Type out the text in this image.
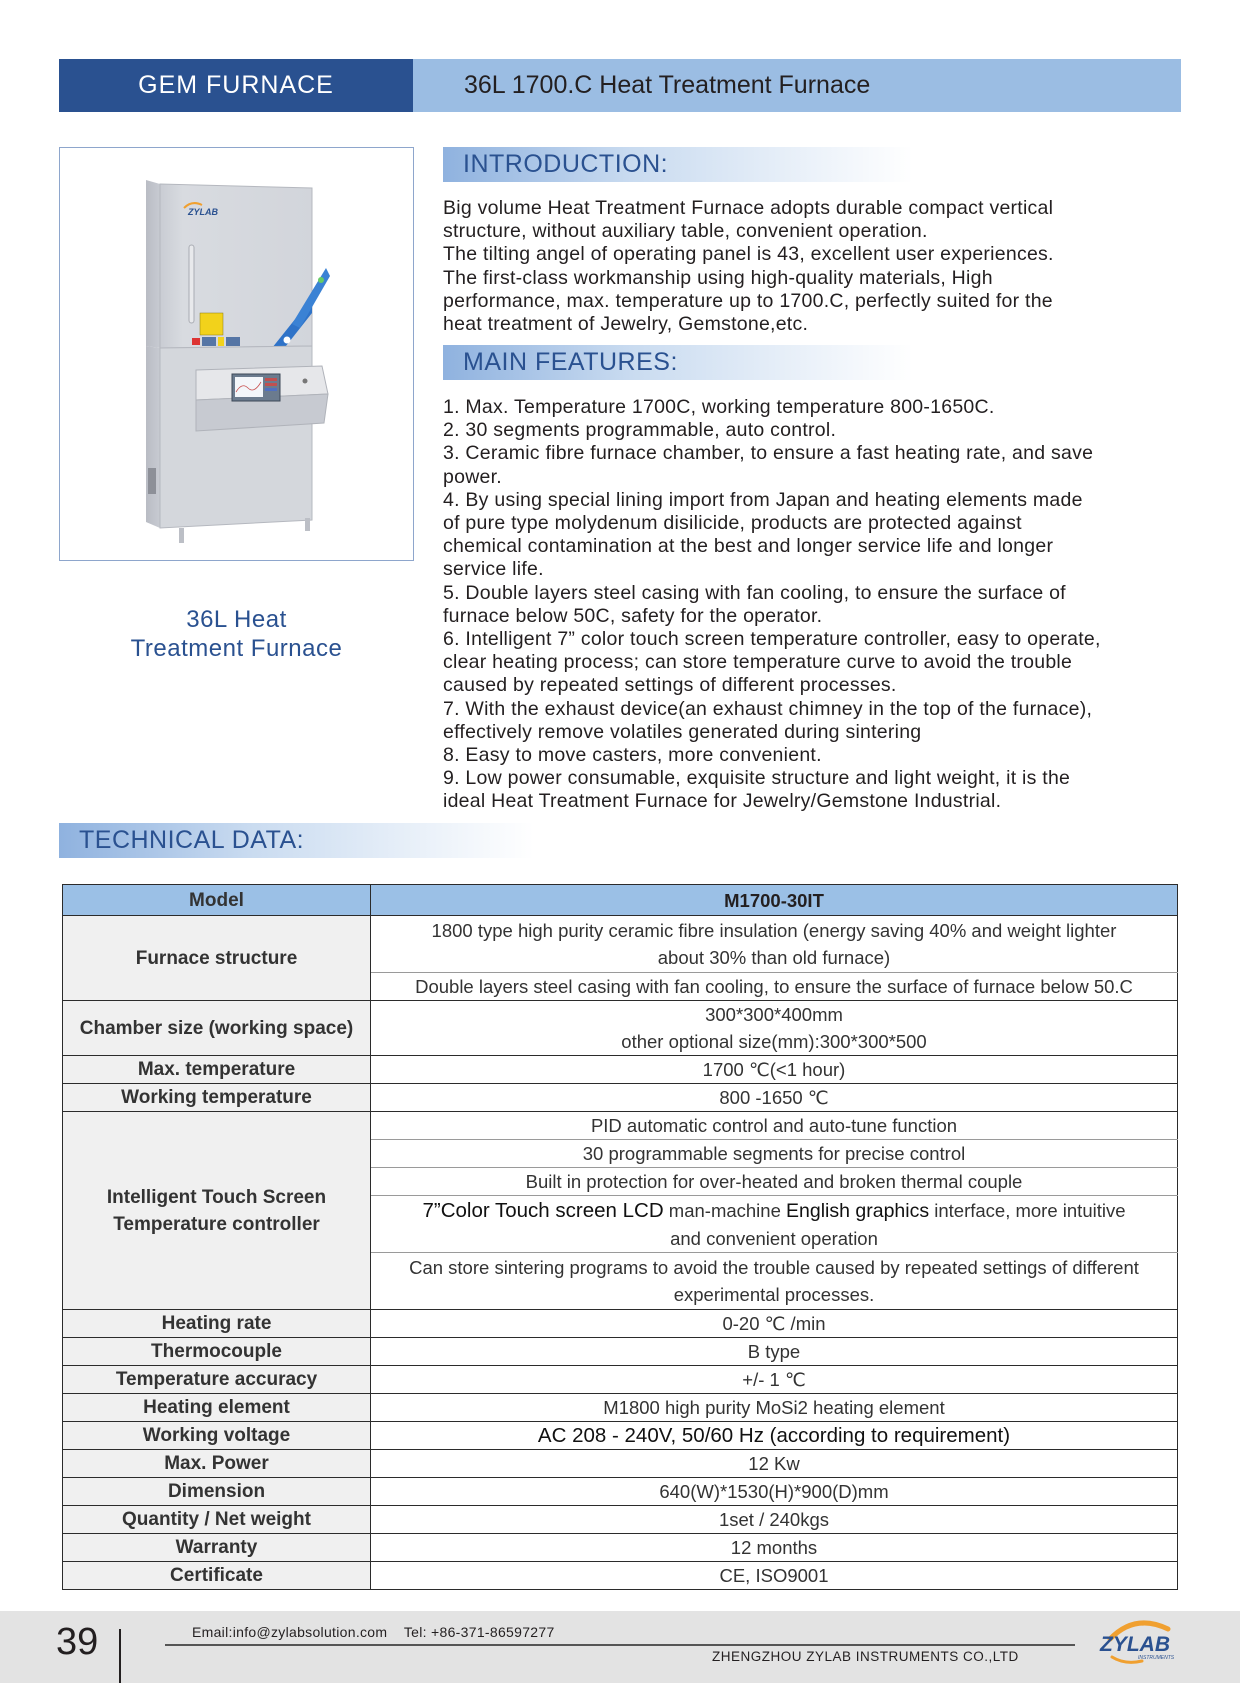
GEM FURNACE	36L 1700.C Heat Treatment Furnace
ZYLAB
36L Heat
Treatment Furnace
INTRODUCTION:

Big volume Heat Treatment Furnace adopts durable compact vertical

structure, without auxiliary table, convenient operation.

The tilting angel of operating panel is 43, excellent user experiences.

The first-class workmanship using high-quality materials, High

performance, max. temperature up to 1700.C, perfectly suited for the

heat treatment of Jewelry, Gemstone,etc.

MAIN FEATURES:

1. Max. Temperature 1700C, working temperature 800-1650C.

2. 30 segments programmable, auto control.

3. Ceramic fibre furnace chamber, to ensure a fast heating rate, and save

power.

4. By using special lining import from Japan and heating elements made

of pure type molydenum disilicide, products are protected against

chemical contamination at the best and longer service life and longer

service life.

5. Double layers steel casing with fan cooling, to ensure the surface of

furnace below 50C, safety for the operator.

6. Intelligent 7” color touch screen temperature controller, easy to operate,

clear heating process; can store temperature curve to avoid the trouble

caused by repeated settings of different processes.

7. With the exhaust device(an exhaust chimney in the top of the furnace),

effectively remove volatiles generated during sintering

8. Easy to move casters, more convenient.

9. Low power consumable, exquisite structure and light weight, it is the

ideal Heat Treatment Furnace for Jewelry/Gemstone Industrial.

TECHNICAL DATA:
Model	M1700-30IT
Furnace structure	1800 type high purity ceramic fibre insulation (energy saving 40% and weight lighter
about 30% than old furnace)

	Double layers steel casing with fan cooling, to ensure the surface of furnace below 50.C
Chamber size (working space)	300*300*400mm
other optional size(mm):300*300*500

Max. temperature	1700 ℃(<1 hour)
Working temperature	800 -1650 ℃

Intelligent Touch Screen
Temperature controller	PID automatic control and auto-tune function
	30 programmable segments for precise control
	Built in protection for over-heated and broken thermal couple

	7”Color Touch screen LCD man-machine English graphics interface, more intuitive
and convenient operation

	Can store sintering programs to avoid the trouble caused by repeated settings of different
experimental processes.

Heating rate	0-20 ℃ /min
Thermocouple	B type
Temperature accuracy	+/- 1 ℃
Heating element	M1800 high purity MoSi2 heating element
Working voltage	AC 208 - 240V, 50/60 Hz (according to requirement)
Max. Power	12 Kw
Dimension	640(W)*1530(H)*900(D)mm
Quantity / Net weight	1set / 240kgs
Warranty	12 months
Certificate	CE, ISO9001
39	Email:info@zylabsolution.com    Tel: +86-371-86597277
ZHENGZHOU ZYLAB INSTRUMENTS CO.,LTD
ZYLAB
INSTRUMENTS
